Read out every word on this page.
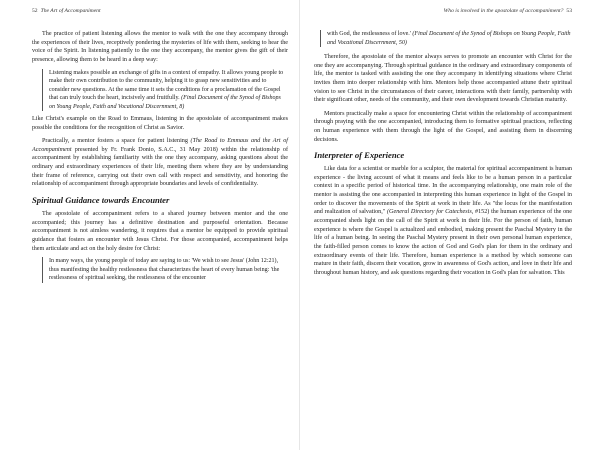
52 The Art of Accompaniment

The practice of patient listening allows the mentor to walk with the one they accompany through the experiences of their lives, receptively pondering the mysteries of life with them, seeking to hear the voice of the Spirit. In listening patiently to the one they accompany, the mentor gives the gift of their presence, allowing them to be heard in a deep way:

Listening makes possible an exchange of gifts in a context of empathy. It allows young people to make their own contribution to the community, helping it to grasp new sensitivities and to consider new questions. At the same time it sets the conditions for a proclamation of the Gospel that can truly touch the heart, incisively and fruitfully. (Final Document of the Synod of Bishops on Young People, Faith and Vocational Discernment, 8)

Like Christ's example on the Road to Emmaus, listening in the apostolate of accompaniment makes possible the conditions for the recognition of Christ as Savior.

Practically, a mentor fosters a space for patient listening (The Road to Emmaus and the Art of Accompaniment presented by Fr. Frank Donio, S.A.C., 31 May 2018) within the relationship of accompaniment by establishing familiarity with the one they accompany, asking questions about the ordinary and extraordinary experiences of their life, meeting them where they are by understanding their frame of reference, carrying out their own call with respect and sensitivity, and honoring the relationship of accompaniment through appropriate boundaries and levels of confidentiality.

Spiritual Guidance towards Encounter

The apostolate of accompaniment refers to a shared journey between mentor and the one accompanied; this journey has a definitive destination and purposeful orientation. Because accompaniment is not aimless wandering, it requires that a mentor be equipped to provide spiritual guidance that fosters an encounter with Jesus Christ. For those accompanied, accompaniment helps them articulate and act on the holy desire for Christ:

In many ways, the young people of today are saying to us: 'We wish to see Jesus' (John 12:21), thus manifesting the healthy restlessness that characterizes the heart of every human being: 'the restlessness of spiritual seeking, the restlessness of the encounter
Who is involved in the apostolate of accompaniment? 53
with God, the restlessness of love.' (Final Document of the Synod of Bishops on Young People, Faith and Vocational Discernment, 50)

Therefore, the apostolate of the mentor always serves to promote an encounter with Christ for the one they are accompanying. Through spiritual guidance in the ordinary and extraordinary components of life, the mentor is tasked with assisting the one they accompany in identifying situations where Christ invites them into deeper relationship with him. Mentors help those accompanied attune their spiritual vision to see Christ in the circumstances of their career, interactions with their family, partnership with their significant other, needs of the community, and their own development towards Christian maturity.

Mentors practically make a space for encountering Christ within the relationship of accompaniment through praying with the one accompanied, introducing them to formative spiritual practices, reflecting on human experience with them through the light of the Gospel, and assisting them in discerning decisions.

Interpreter of Experience

Like data for a scientist or marble for a sculptor, the material for spiritual accompaniment is human experience - the living account of what it means and feels like to be a human person in a particular context in a specific period of historical time. In the accompanying relationship, one main role of the mentor is assisting the one accompanied in interpreting this human experience in light of the Gospel in order to discover the movements of the Spirit at work in their life. As "the locus for the manifestation and realization of salvation," (General Directory for Catechesis, #152) the human experience of the one accompanied sheds light on the call of the Spirit at work in their life. For the person of faith, human experience is where the Gospel is actualized and embodied, making present the Paschal Mystery in the life of a human being. In seeing the Paschal Mystery present in their own personal human experience, the faith-filled person comes to know the action of God and God's plan for them in the ordinary and extraordinary events of their life. Therefore, human experience is a method by which someone can mature in their faith, discern their vocation, grow in awareness of God's action, and love in their life and throughout human history, and ask questions regarding their vocation in God's plan for salvation. This
